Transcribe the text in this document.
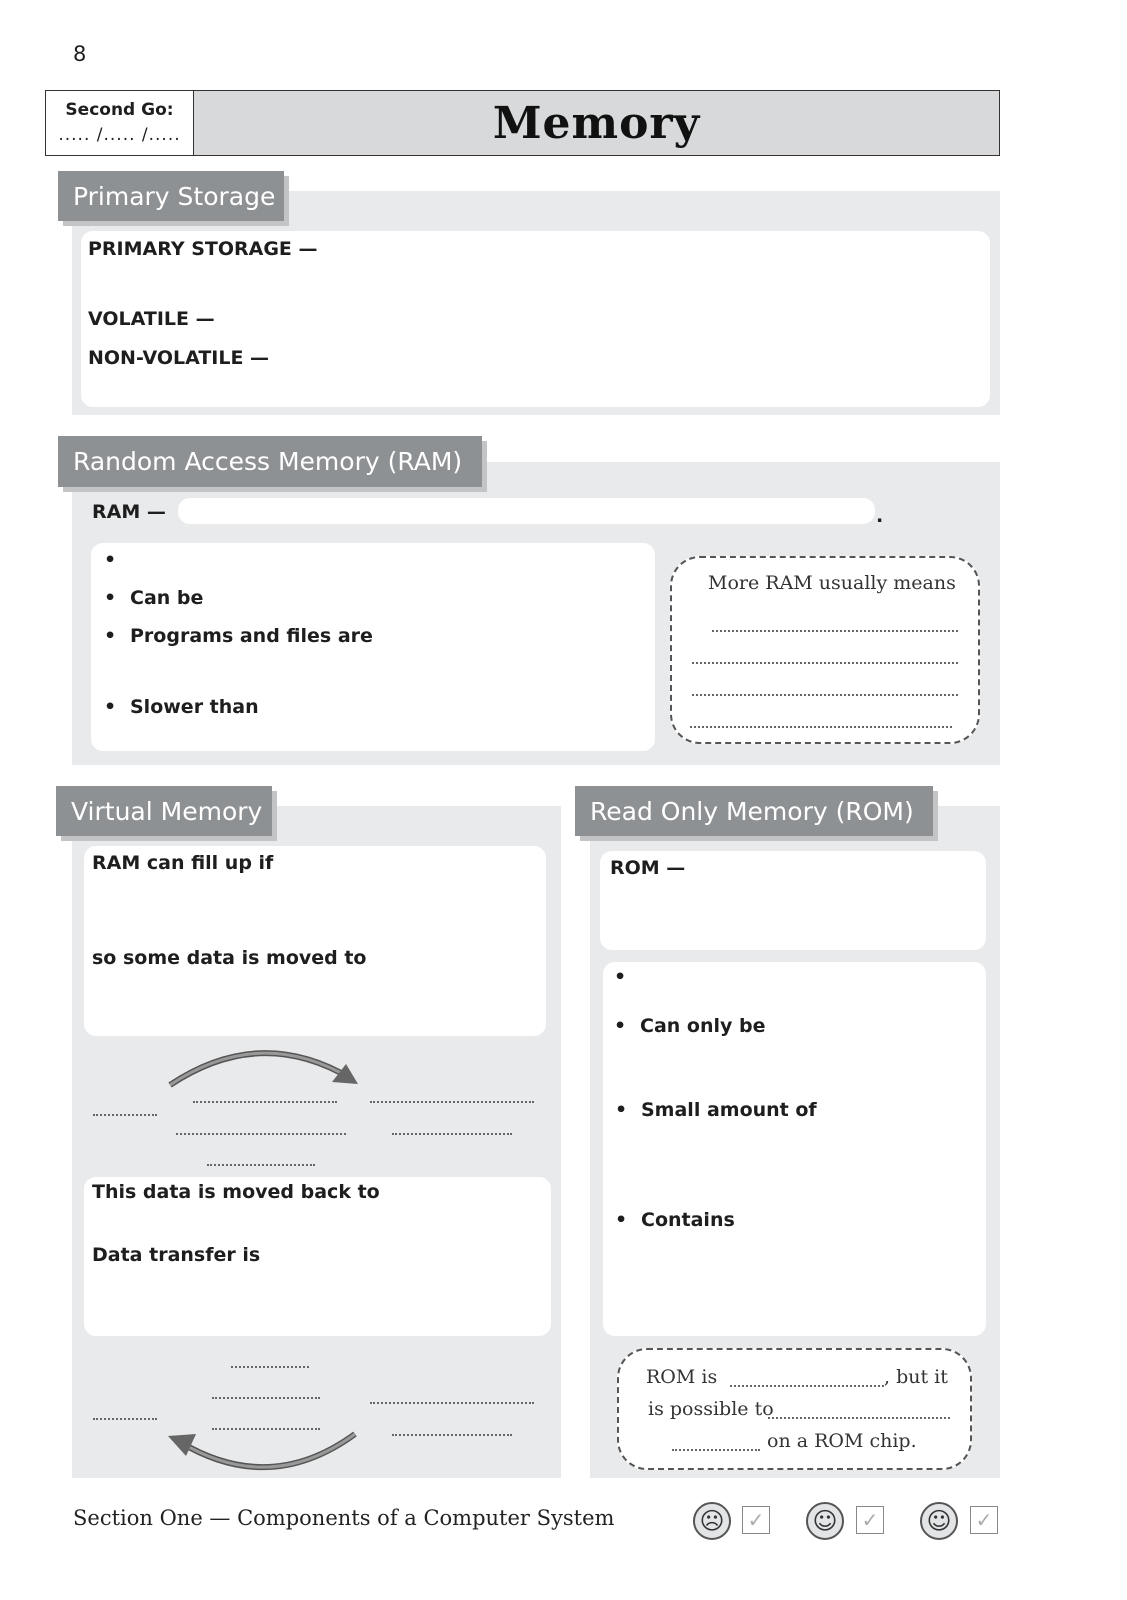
8
Second Go:
..... /..... /.....	Memory
Primary Storage
PRIMARY STORAGE —
VOLATILE —
NON-VOLATILE —
Random Access Memory (RAM)
RAM —	.
• Can be
• Programs and files are
• Slower than
More RAM usually means
Virtual Memory
RAM can fill up if
so some data is moved to
This data is moved back to
Data transfer is
Read Only Memory (ROM)
ROM —
• Can only be
• Small amount of
• Contains
ROM is	, but it
is possible to
on a ROM chip.
Section One — Components of a Computer System	☹	✓ ☺	✓ ☺	✓
